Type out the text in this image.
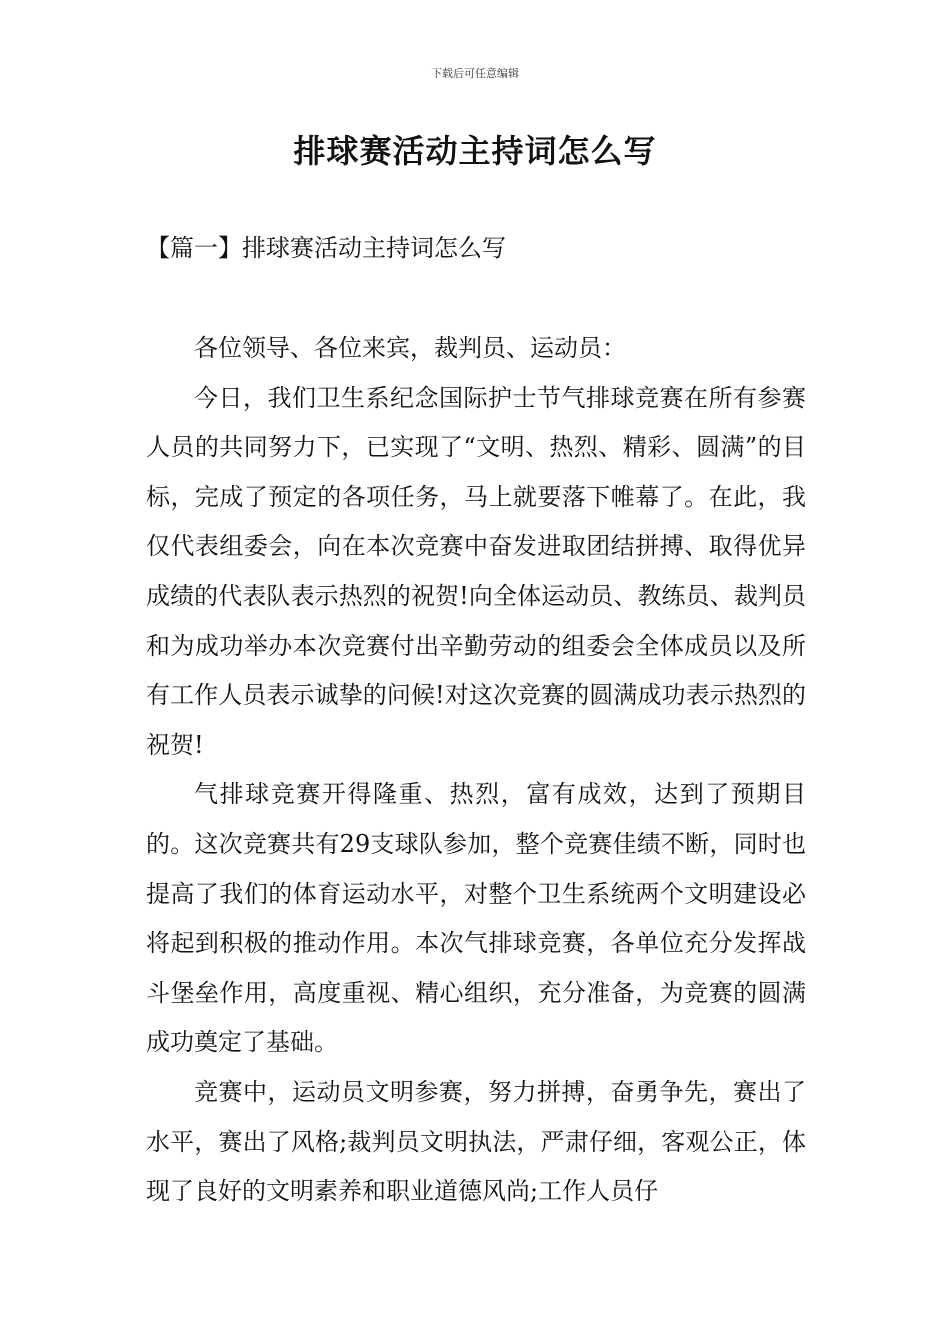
下载后可任意编辑
排球赛活动主持词怎么写
【篇一】排球赛活动主持词怎么写

各位领导、各位来宾，裁判员、运动员：

今日，我们卫生系纪念国际护士节气排球竞赛在所有参赛人员的共同努力下，已实现了“文明、热烈、精彩、圆满”的目标，完成了预定的各项任务，马上就要落下帷幕了。在此，我仅代表组委会，向在本次竞赛中奋发进取团结拼搏、取得优异成绩的代表队表示热烈的祝贺!向全体运动员、教练员、裁判员和为成功举办本次竞赛付出辛勤劳动的组委会全体成员以及所有工作人员表示诚挚的问候!对这次竞赛的圆满成功表示热烈的祝贺!

气排球竞赛开得隆重、热烈，富有成效，达到了预期目的。这次竞赛共有29支球队参加，整个竞赛佳绩不断，同时也提高了我们的体育运动水平，对整个卫生系统两个文明建设必将起到积极的推动作用。本次气排球竞赛，各单位充分发挥战斗堡垒作用，高度重视、精心组织，充分准备，为竞赛的圆满成功奠定了基础。

竞赛中，运动员文明参赛，努力拼搏，奋勇争先，赛出了水平，赛出了风格;裁判员文明执法，严肃仔细，客观公正，体现了良好的文明素养和职业道德风尚;工作人员仔
